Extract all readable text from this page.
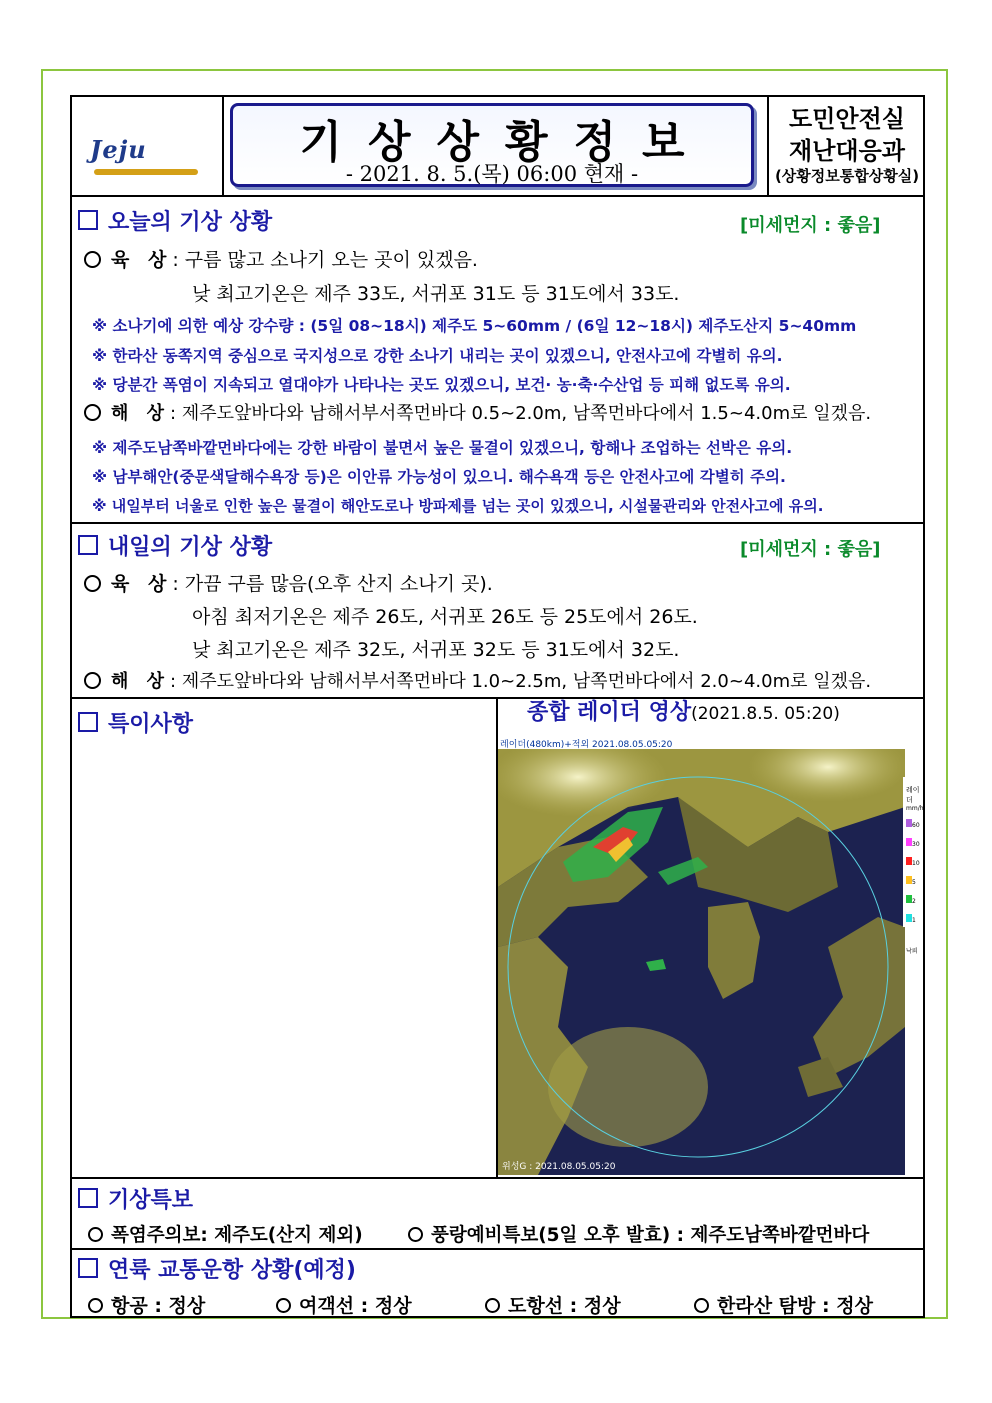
Jeju	기상상황정보
- 2021. 8. 5.(목) 06:00 현재 -
도민안전실
재난대응과
(상황정보통합상황실)
오늘의 기상 상황	[미세먼지 : 좋음]
육 상: 구름 많고 소나기 오는 곳이 있겠음.
낮 최고기온은 제주 33도, 서귀포 31도 등 31도에서 33도.
※ 소나기에 의한 예상 강수량 : (5일 08~18시) 제주도 5~60mm / (6일 12~18시) 제주도산지 5~40mm
※ 한라산 동쪽지역 중심으로 국지성으로 강한 소나기 내리는 곳이 있겠으니, 안전사고에 각별히 유의.
※ 당분간 폭염이 지속되고 열대야가 나타나는 곳도 있겠으니, 보건· 농·축·수산업 등 피해 없도록 유의.
해 상: 제주도앞바다와 남해서부서쪽먼바다 0.5~2.0m, 남쪽먼바다에서 1.5~4.0m로 일겠음.
※ 제주도남쪽바깥먼바다에는 강한 바람이 불면서 높은 물결이 있겠으니, 항해나 조업하는 선박은 유의.
※ 남부해안(중문색달해수욕장 등)은 이안류 가능성이 있으니. 해수욕객 등은 안전사고에 각별히 주의.
※ 내일부터 너울로 인한 높은 물결이 해안도로나 방파제를 넘는 곳이 있겠으니, 시설물관리와 안전사고에 유의.
내일의 기상 상황	[미세먼지 : 좋음]
육 상: 가끔 구름 많음(오후 산지 소나기 곳).
아침 최저기온은 제주 26도, 서귀포 26도 등 25도에서 26도.
낮 최고기온은 제주 32도, 서귀포 32도 등 31도에서 32도.
해 상: 제주도앞바다와 남해서부서쪽먼바다 1.0~2.5m, 남쪽먼바다에서 2.0~4.0m로 일겠음.
특이사항	종합 레이더 영상(2021.8.5. 05:20)
레이더(480km)+적외 2021.08.05.05:20
위성G : 2021.08.05.05:20
레이더
mm/h
60
30
10
5
2
1

낙뢰
기상특보
폭염주의보: 제주도(산지 제외)	풍랑예비특보(5일 오후 발효) : 제주도남쪽바깥먼바다
연륙 교통운항 상황(예정)
항공 : 정상	여객선 : 정상	도항선 : 정상	한라산 탐방 : 정상
